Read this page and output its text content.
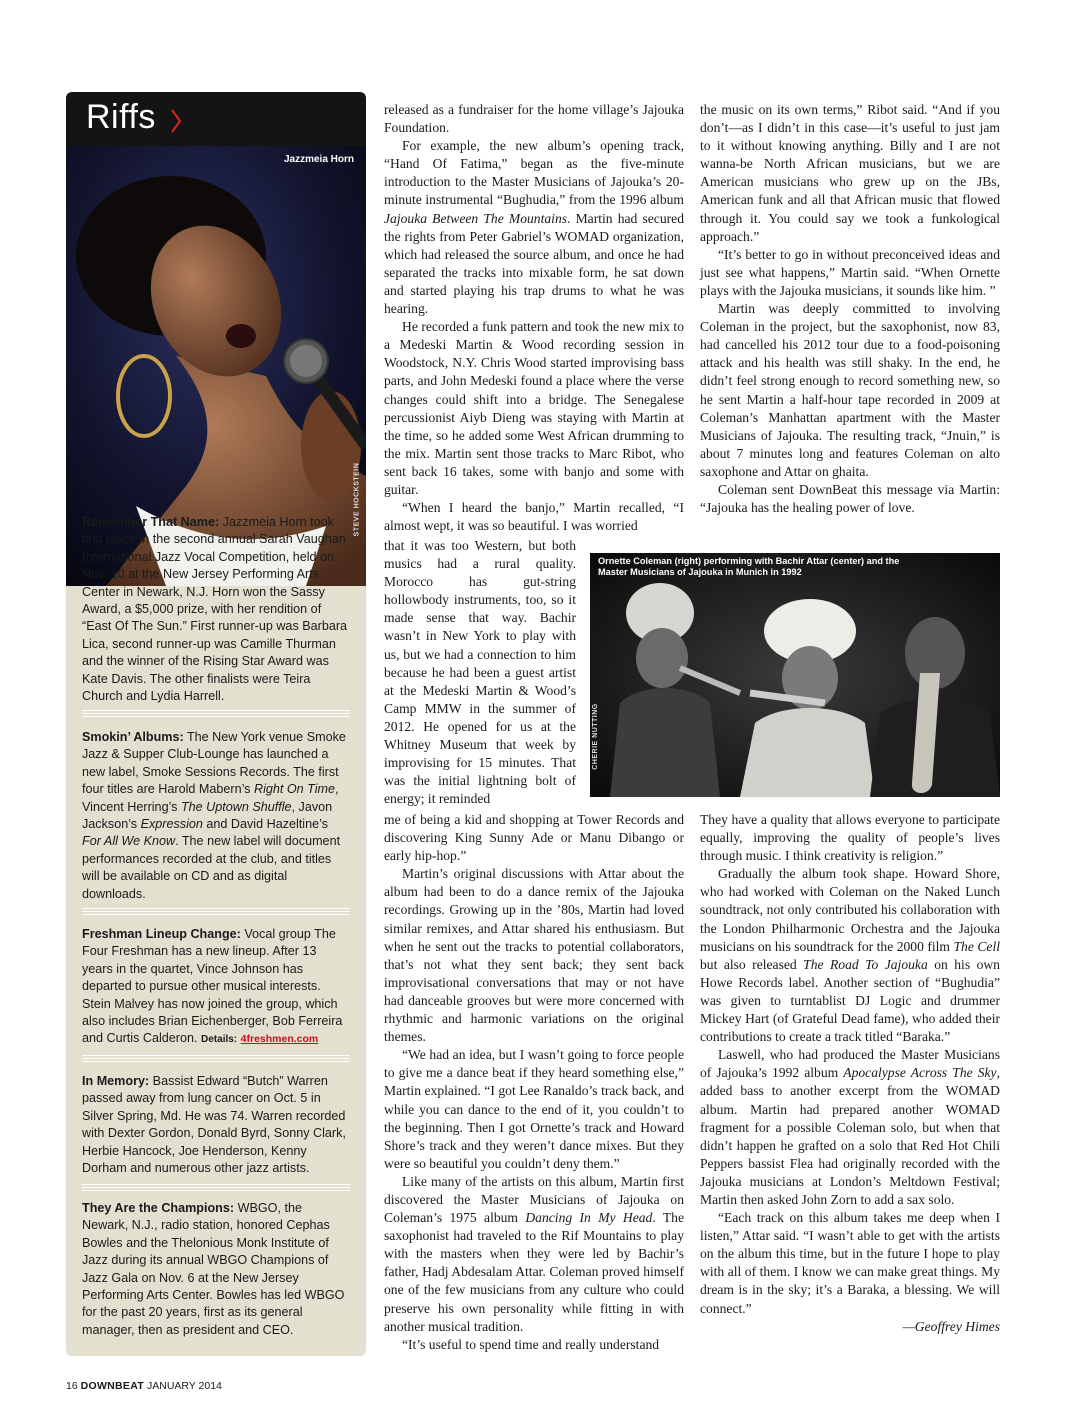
Riffs
Jazzmeia Horn
STEVE HOCKSTEIN
Remember That Name: Jazzmeia Horn took first place in the second annual Sarah Vaughan International Jazz Vocal Competition, held on Nov. 10 at the New Jersey Performing Arts Center in Newark, N.J. Horn won the Sassy Award, a $5,000 prize, with her rendition of “East Of The Sun.” First runner-up was Barbara Lica, second runner-up was Camille Thurman and the winner of the Rising Star Award was Kate Davis. The other finalists were Teira Church and Lydia Harrell.
Smokin’ Albums: The New York venue Smoke Jazz & Supper Club-Lounge has launched a new label, Smoke Sessions Records. The first four titles are Harold Mabern’s Right On Time, Vincent Herring’s The Uptown Shuffle, Javon Jackson’s Expression and David Hazeltine’s For All We Know. The new label will document performances recorded at the club, and titles will be available on CD and as digital downloads.
Freshman Lineup Change: Vocal group The Four Freshman has a new lineup. After 13 years in the quartet, Vince Johnson has departed to pursue other musical interests. Stein Malvey has now joined the group, which also includes Brian Eichenberger, Bob Ferreira and Curtis Calderon. Details: 4freshmen.com
In Memory: Bassist Edward “Butch” Warren passed away from lung cancer on Oct. 5 in Silver Spring, Md. He was 74. Warren recorded with Dexter Gordon, Donald Byrd, Sonny Clark, Herbie Hancock, Joe Henderson, Kenny Dorham and numerous other jazz artists.
They Are the Champions: WBGO, the Newark, N.J., radio station, honored Cephas Bowles and the Thelonious Monk Institute of Jazz during its annual WBGO Champions of Jazz Gala on Nov. 6 at the New Jersey Performing Arts Center. Bowles has led WBGO for the past 20 years, first as its general manager, then as president and CEO.

released as a fundraiser for the home village’s Jajouka Foundation.

For example, the new album’s opening track, “Hand Of Fatima,” began as the five-minute introduction to the Master Musicians of Jajouka’s 20-minute instrumental “Bughudia,” from the 1996 album Jajouka Between The Mountains. Martin had secured the rights from Peter Gabriel’s WOMAD organization, which had released the source album, and once he had separated the tracks into mixable form, he sat down and started playing his trap drums to what he was hearing.

He recorded a funk pattern and took the new mix to a Medeski Martin & Wood recording session in Woodstock, N.Y. Chris Wood started improvising bass parts, and John Medeski found a place where the verse changes could shift into a bridge. The Senegalese percussionist Aiyb Dieng was staying with Martin at the time, so he added some West African drumming to the mix. Martin sent those tracks to Marc Ribot, who sent back 16 takes, some with banjo and some with guitar.

“When I heard the banjo,” Martin recalled, “I almost wept, it was so beautiful. I was worried

that it was too Western, but both musics had a rural quality. Morocco has gut-string hollowbody instruments, too, so it made sense that way. Bachir wasn’t in New York to play with us, but we had a connection to him because he had been a guest artist at the Medeski Martin & Wood’s Camp MMW in the summer of 2012. He opened for us at the Whitney Museum that week by improvising for 15 minutes. That was the initial lightning bolt of energy; it reminded

me of being a kid and shopping at Tower Records and discovering King Sunny Ade or Manu Dibango or early hip-hop.”

Martin’s original discussions with Attar about the album had been to do a dance remix of the Jajouka recordings. Growing up in the ’80s, Martin had loved similar remixes, and Attar shared his enthusiasm. But when he sent out the tracks to potential collaborators, that’s not what they sent back; they sent back improvisational conversations that may or not have had danceable grooves but were more concerned with rhythmic and harmonic variations on the original themes.

“We had an idea, but I wasn’t going to force people to give me a dance beat if they heard something else,” Martin explained. “I got Lee Ranaldo’s track back, and while you can dance to the end of it, you couldn’t to the beginning. Then I got Ornette’s track and Howard Shore’s track and they weren’t dance mixes. But they were so beautiful you couldn’t deny them.”

Like many of the artists on this album, Martin first discovered the Master Musicians of Jajouka on Coleman’s 1975 album Dancing In My Head. The saxophonist had traveled to the Rif Mountains to play with the masters when they were led by Bachir’s father, Hadj Abdesalam Attar. Coleman proved himself one of the few musicians from any culture who could preserve his own personality while fitting in with another musical tradition.

“It’s useful to spend time and really understand

the music on its own terms,” Ribot said. “And if you don’t—as I didn’t in this case—it’s useful to just jam to it without knowing anything. Billy and I are not wanna-be North African musicians, but we are American musicians who grew up on the JBs, American funk and all that African music that flowed through it. You could say we took a funkological approach.”

“It’s better to go in without preconceived ideas and just see what happens,” Martin said. “When Ornette plays with the Jajouka musicians, it sounds like him. ”

Martin was deeply committed to involving Coleman in the project, but the saxophonist, now 83, had cancelled his 2012 tour due to a food-poisoning attack and his health was still shaky. In the end, he didn’t feel strong enough to record something new, so he sent Martin a half-hour tape recorded in 2009 at Coleman’s Manhattan apartment with the Master Musicians of Jajouka. The resulting track, “Jnuin,” is about 7 minutes long and features Coleman on alto saxophone and Attar on ghaita.

Coleman sent DownBeat this message via Martin: “Jajouka has the healing power of love.

Ornette Coleman (right) performing with Bachir Attar (center) and the Master Musicians of Jajouka in Munich in 1992
CHERIE NUTTING

They have a quality that allows everyone to participate equally, improving the quality of people’s lives through music. I think creativity is religion.”

Gradually the album took shape. Howard Shore, who had worked with Coleman on the Naked Lunch soundtrack, not only contributed his collaboration with the London Philharmonic Orchestra and the Jajouka musicians on his soundtrack for the 2000 film The Cell but also released The Road To Jajouka on his own Howe Records label. Another section of “Bughudia” was given to turntablist DJ Logic and drummer Mickey Hart (of Grateful Dead fame), who added their contributions to create a track titled “Baraka.”

Laswell, who had produced the Master Musicians of Jajouka’s 1992 album Apocalypse Across The Sky, added bass to another excerpt from the WOMAD album. Martin had prepared another WOMAD fragment for a possible Coleman solo, but when that didn’t happen he grafted on a solo that Red Hot Chili Peppers bassist Flea had originally recorded with the Jajouka musicians at London’s Meltdown Festival; Martin then asked John Zorn to add a sax solo.

“Each track on this album takes me deep when I listen,” Attar said. “I wasn’t able to get with the artists on the album this time, but in the future I hope to play with all of them. I know we can make great things. My dream is in the sky; it’s a Baraka, a blessing. We will connect.”

—Geoffrey Himes
16 DOWNBEAT JANUARY 2014
